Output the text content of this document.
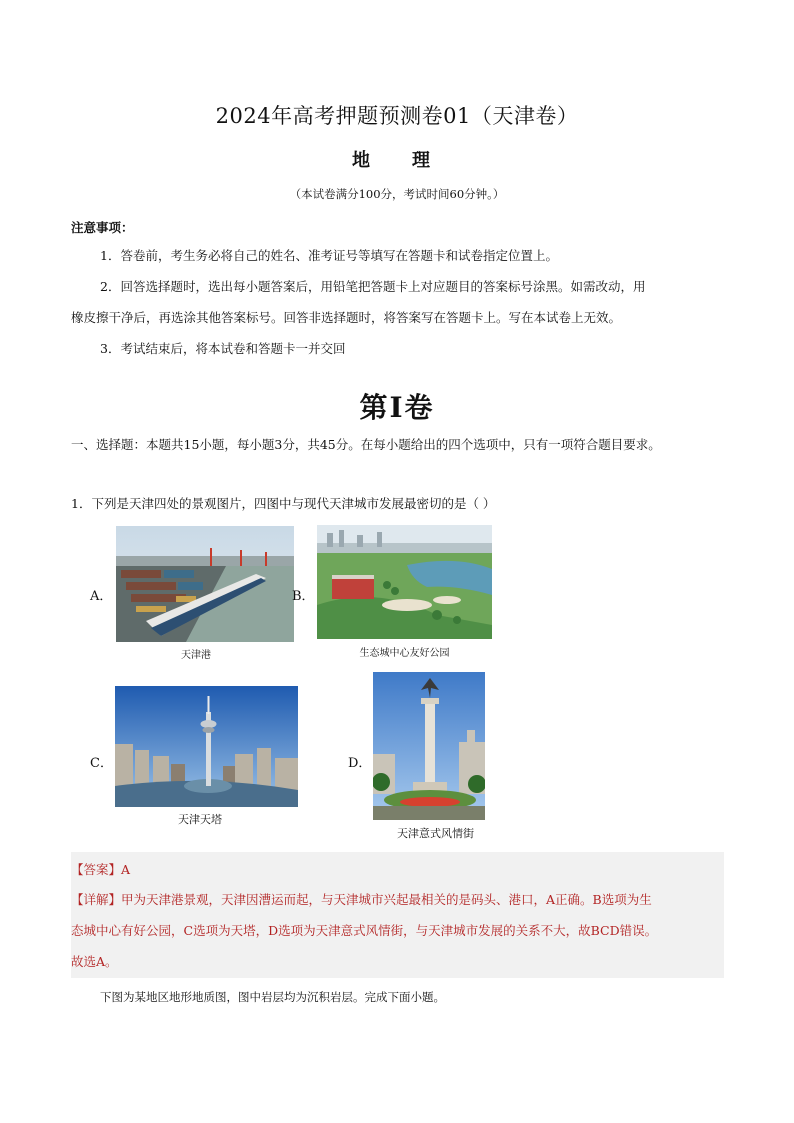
2024年高考押题预测卷01（天津卷）
地　理
（本试卷满分100分，考试时间60分钟。）
注意事项：
1．答卷前，考生务必将自己的姓名、准考证号等填写在答题卡和试卷指定位置上。
2．回答选择题时，选出每小题答案后，用铅笔把答题卡上对应题目的答案标号涂黑。如需改动，用
橡皮擦干净后，再选涂其他答案标号。回答非选择题时，将答案写在答题卡上。写在本试卷上无效。
3．考试结束后，将本试卷和答题卡一并交回
第I卷
一、选择题：本题共15小题，每小题3分，共45分。在每小题给出的四个选项中，只有一项符合题目要求。
1．下列是天津四处的景观图片，四图中与现代天津城市发展最密切的是（ ）
A．
天津港
B．
生态城中心友好公园
C．
天津天塔
D．
天津意式风情街
【答案】A
【详解】甲为天津港景观，天津因漕运而起，与天津城市兴起最相关的是码头、港口，A正确。B选项为生
态城中心有好公园，C选项为天塔，D选项为天津意式风情街，与天津城市发展的关系不大，故BCD错误。
故选A。
下图为某地区地形地质图，图中岩层均为沉积岩层。完成下面小题。
